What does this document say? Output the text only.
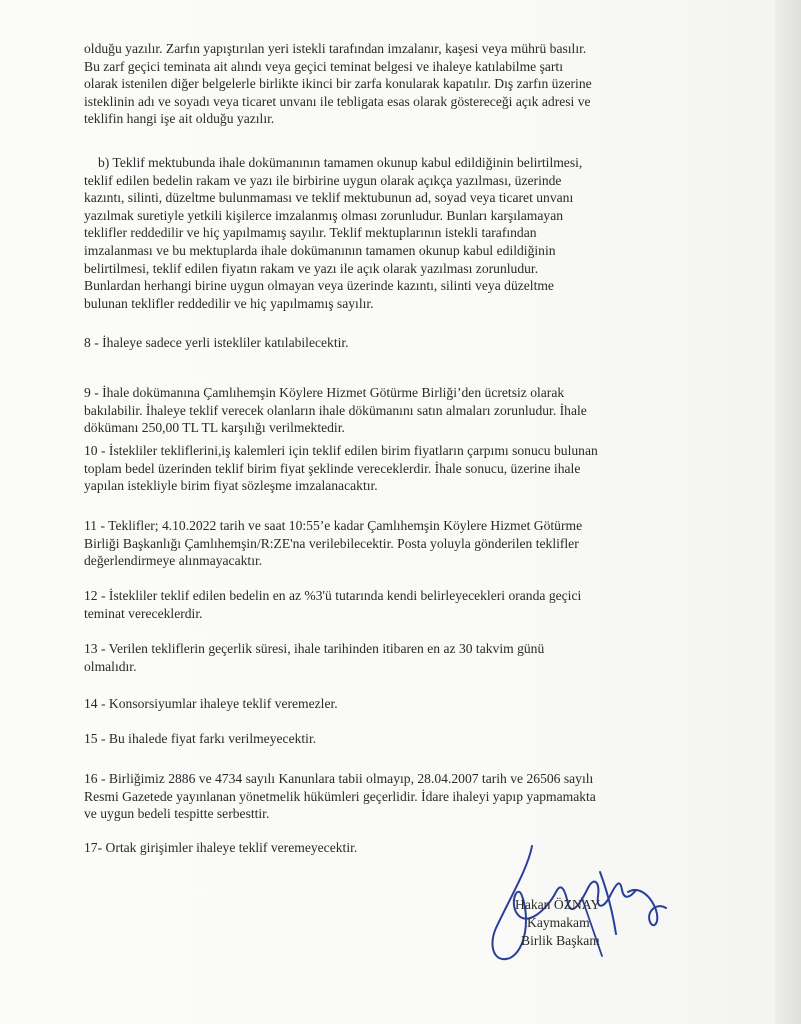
olduğu yazılır. Zarfın yapıştırılan yeri istekli tarafından imzalanır, kaşesi veya mührü basılır.
Bu zarf geçici teminata ait alındı veya geçici teminat belgesi ve ihaleye katılabilme şartı
olarak istenilen diğer belgelerle birlikte ikinci bir zarfa konularak kapatılır. Dış zarfın üzerine
isteklinin adı ve soyadı veya ticaret unvanı ile tebligata esas olarak göstereceği açık adresi ve
teklifin hangi işe ait olduğu yazılır.
b) Teklif mektubunda ihale dokümanının tamamen okunup kabul edildiğinin belirtilmesi,
teklif edilen bedelin rakam ve yazı ile birbirine uygun olarak açıkça yazılması, üzerinde
kazıntı, silinti, düzeltme bulunmaması ve teklif mektubunun ad, soyad veya ticaret unvanı
yazılmak suretiyle yetkili kişilerce imzalanmış olması zorunludur. Bunları karşılamayan
teklifler reddedilir ve hiç yapılmamış sayılır. Teklif mektuplarının istekli tarafından
imzalanması ve bu mektuplarda ihale dokümanının tamamen okunup kabul edildiğinin
belirtilmesi, teklif edilen fiyatın rakam ve yazı ile açık olarak yazılması zorunludur.
Bunlardan herhangi birine uygun olmayan veya üzerinde kazıntı, silinti veya düzeltme
bulunan teklifler reddedilir ve hiç yapılmamış sayılır.
8 - İhaleye sadece yerli istekliler katılabilecektir.
9 - İhale dokümanına Çamlıhemşin Köylere Hizmet Götürme Birliği’den ücretsiz olarak
bakılabilir. İhaleye teklif verecek olanların ihale dökümanını satın almaları zorunludur. İhale
dökümanı 250,00 TL TL karşılığı verilmektedir.
10 - İstekliler tekliflerini,iş kalemleri için teklif edilen birim fiyatların çarpımı sonucu bulunan
toplam bedel üzerinden teklif birim fiyat şeklinde vereceklerdir. İhale sonucu, üzerine ihale
yapılan istekliyle birim fiyat sözleşme imzalanacaktır.
11 - Teklifler; 4.10.2022 tarih ve saat 10:55’e kadar Çamlıhemşin Köylere Hizmet Götürme
Birliği Başkanlığı Çamlıhemşin/R:ZE'na verilebilecektir. Posta yoluyla gönderilen teklifler
değerlendirmeye alınmayacaktır.
12 - İstekliler teklif edilen bedelin en az %3'ü tutarında kendi belirleyecekleri oranda geçici
teminat vereceklerdir.
13 - Verilen tekliflerin geçerlik süresi, ihale tarihinden itibaren en az 30 takvim günü
olmalıdır.
14 - Konsorsiyumlar ihaleye teklif veremezler.
15 - Bu ihalede fiyat farkı verilmeyecektir.
16 - Birliğimiz 2886 ve 4734 sayılı Kanunlara tabii olmayıp, 28.04.2007 tarih ve 26506 sayılı
Resmi Gazetede yayınlanan yönetmelik hükümleri geçerlidir. İdare ihaleyi yapıp yapmamakta
ve uygun bedeli tespitte serbesttir.
17- Ortak girişimler ihaleye teklif veremeyecektir.
Hakan ÖZNAY
Kaymakam
Birlik Başkanı
